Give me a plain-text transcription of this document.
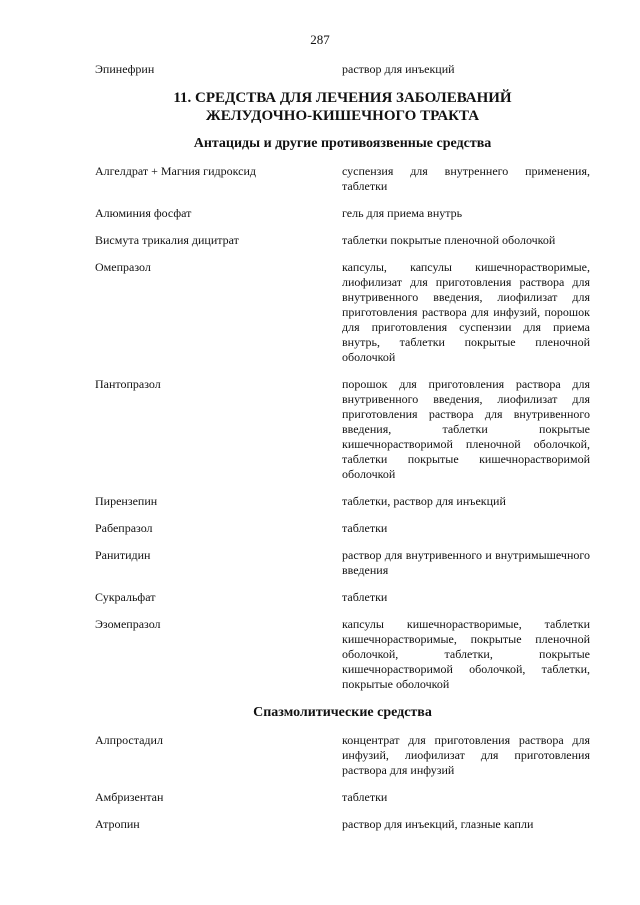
287
Эпинефрин	раствор для инъекций
11. СРЕДСТВА ДЛЯ ЛЕЧЕНИЯ ЗАБОЛЕВАНИЙ
ЖЕЛУДОЧНО-КИШЕЧНОГО ТРАКТА
Антациды и другие противоязвенные средства
Алгелдрат + Магния гидроксид	суспензия для внутреннего применения, таблетки
Алюминия фосфат	гель для приема внутрь
Висмута трикалия дицитрат	таблетки покрытые пленочной оболочкой
Омепразол	капсулы, капсулы кишечнорастворимые, лиофилизат для приготовления раствора для внутривенного введения, лиофилизат для приготовления раствора для инфузий, порошок для приготовления суспензии для приема внутрь, таблетки покрытые пленочной оболочкой
Пантопразол	порошок для приготовления раствора для внутривенного введения, лиофилизат для приготовления раствора для внутривенного введения, таблетки покрытые кишечнорастворимой пленочной оболочкой, таблетки покрытые кишечнорастворимой оболочкой
Пирензепин	таблетки, раствор для инъекций
Рабепразол	таблетки
Ранитидин	раствор для внутривенного и внутримышечного введения
Сукральфат	таблетки
Эзомепразол	капсулы кишечнорастворимые, таблетки кишечнорастворимые, покрытые пленочной оболочкой, таблетки, покрытые кишечнорастворимой оболочкой, таблетки, покрытые оболочкой
Спазмолитические средства
Алпростадил	концентрат для приготовления раствора для инфузий, лиофилизат для приготовления раствора для инфузий
Амбризентан	таблетки
Атропин	раствор для инъекций, глазные капли
